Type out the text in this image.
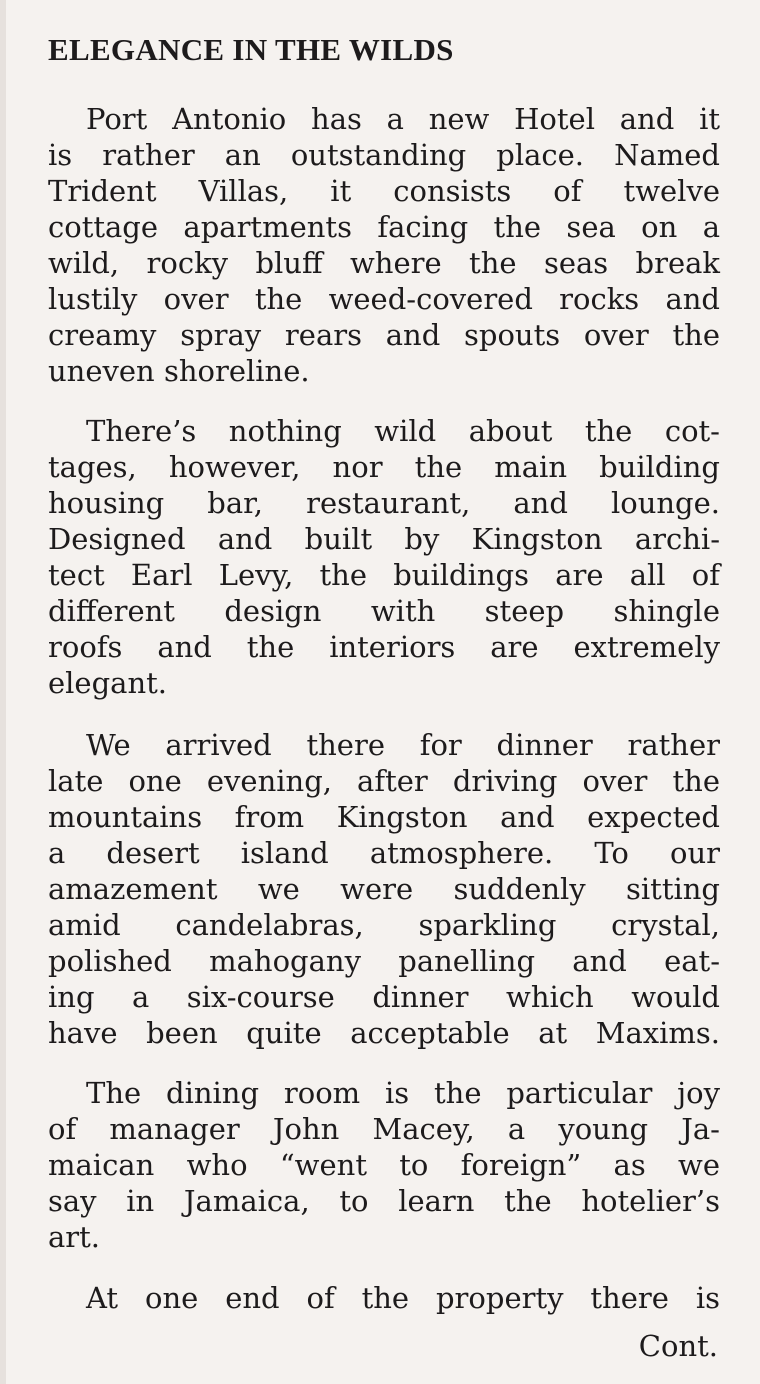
ELEGANCE IN THE WILDS
Port Antonio has a new Hotel and it
is rather an outstanding place. Named
Trident Villas, it consists of twelve
cottage apartments facing the sea on a
wild, rocky bluff where the seas break
lustily over the weed-covered rocks and
creamy spray rears and spouts over the
uneven shoreline.
There’s nothing wild about the cot-
tages, however, nor the main building
housing bar, restaurant, and lounge.
Designed and built by Kingston archi-
tect Earl Levy, the buildings are all of
different design with steep shingle
roofs and the interiors are extremely
elegant.
We arrived there for dinner rather
late one evening, after driving over the
mountains from Kingston and expected
a desert island atmosphere. To our
amazement we were suddenly sitting
amid candelabras, sparkling crystal,
polished mahogany panelling and eat-
ing a six-course dinner which would
have been quite acceptable at Maxims.
The dining room is the particular joy
of manager John Macey, a young Ja-
maican who “went to foreign” as we
say in Jamaica, to learn the hotelier’s
art.
At one end of the property there is

Cont.
